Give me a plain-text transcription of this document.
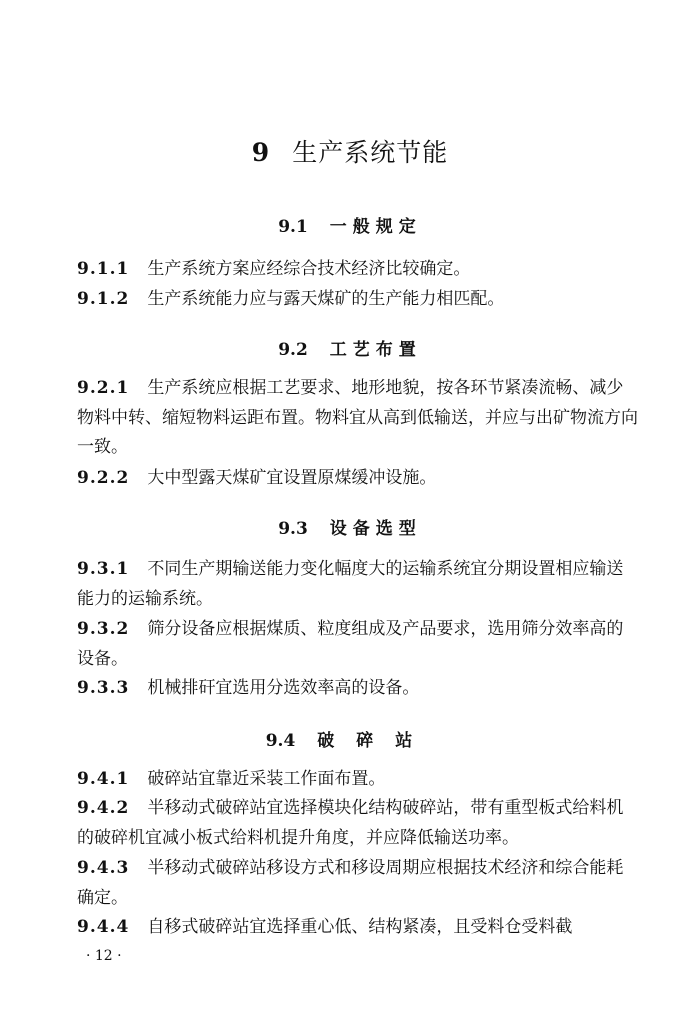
9 生产系统节能
9.1 一般规定
9.1.1 生产系统方案应经综合技术经济比较确定。
9.1.2 生产系统能力应与露天煤矿的生产能力相匹配。
9.2 工艺布置
9.2.1 生产系统应根据工艺要求、地形地貌，按各环节紧凑流畅、减少物料中转、缩短物料运距布置。物料宜从高到低输送，并应与出矿物流方向一致。
9.2.2 大中型露天煤矿宜设置原煤缓冲设施。
9.3 设备选型
9.3.1 不同生产期输送能力变化幅度大的运输系统宜分期设置相应输送能力的运输系统。
9.3.2 筛分设备应根据煤质、粒度组成及产品要求，选用筛分效率高的设备。
9.3.3 机械排矸宜选用分选效率高的设备。
9.4 破碎站
9.4.1 破碎站宜靠近采装工作面布置。
9.4.2 半移动式破碎站宜选择模块化结构破碎站，带有重型板式给料机的破碎机宜减小板式给料机提升角度，并应降低输送功率。
9.4.3 半移动式破碎站移设方式和移设周期应根据技术经济和综合能耗确定。
9.4.4 自移式破碎站宜选择重心低、结构紧凑，且受料仓受料截
· 12 ·
